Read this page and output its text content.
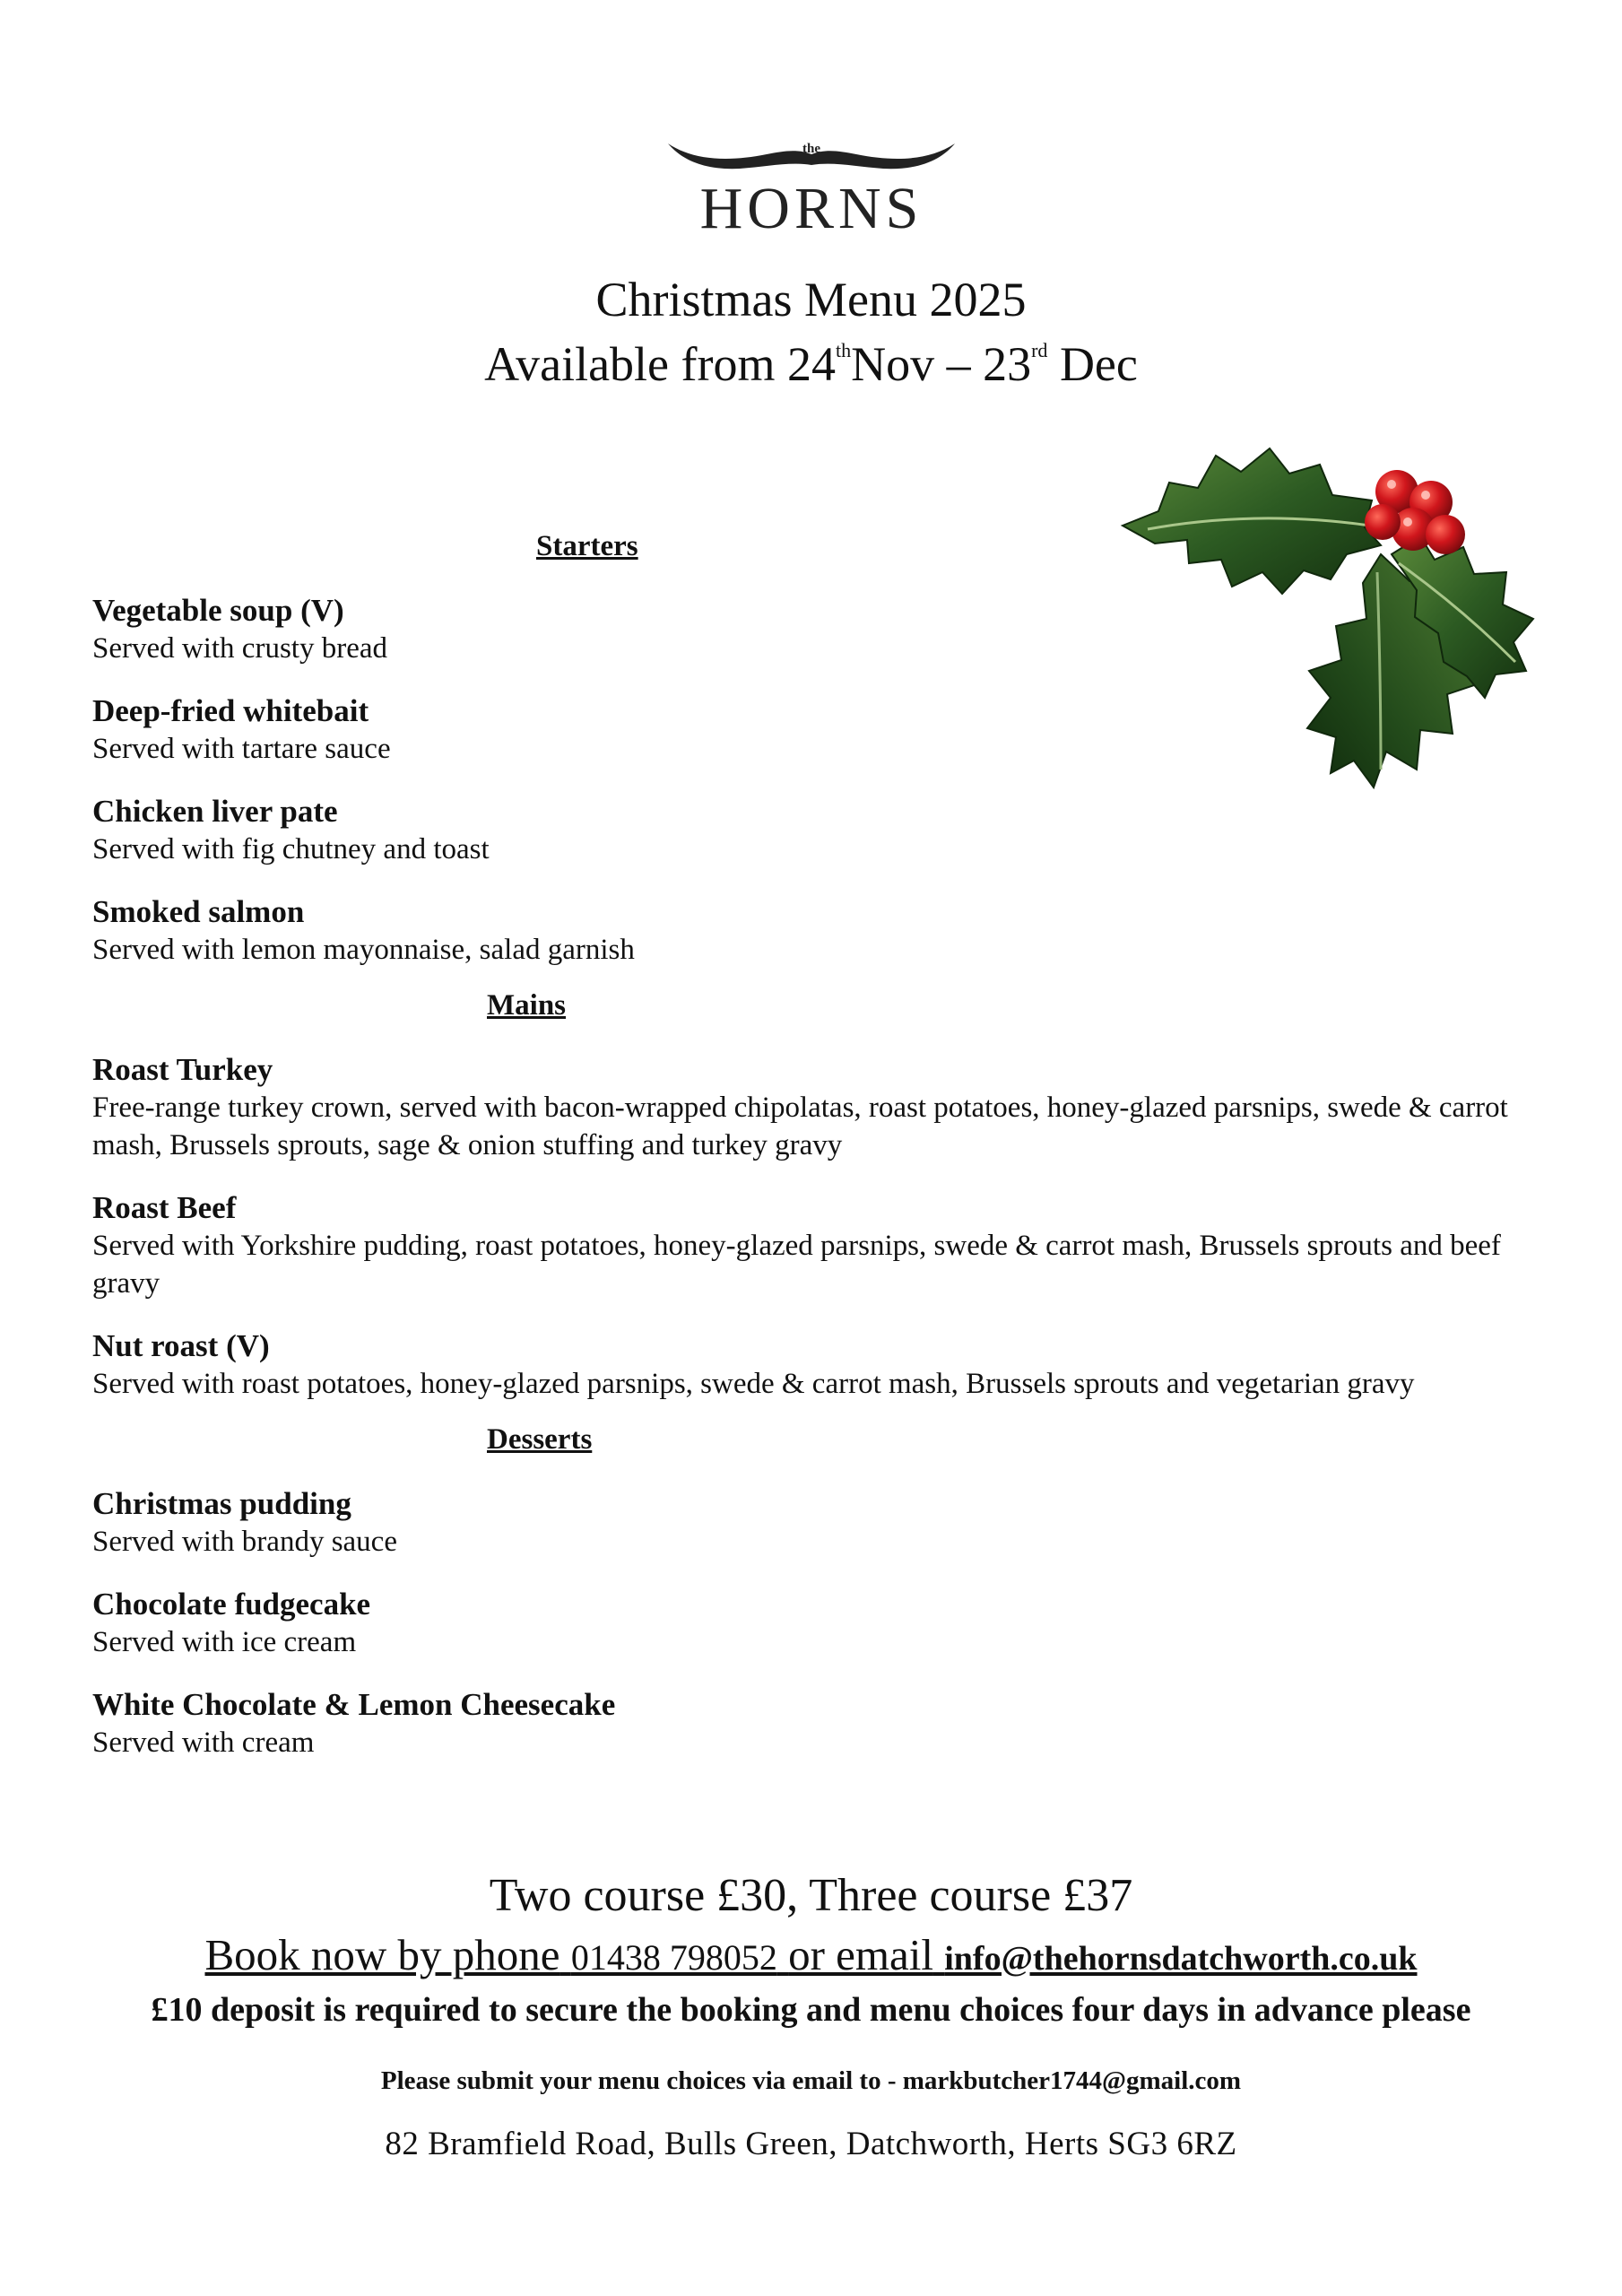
the
HORNS

Christmas Menu 2025

Available from 24thNov – 23rd Dec

Starters

Vegetable soup (V)

Served with crusty bread

Deep-fried whitebait

Served with tartare sauce

Chicken liver pate

Served with fig chutney and toast

Smoked salmon

Served with lemon mayonnaise, salad garnish

Mains

Roast Turkey

Free-range turkey crown, served with bacon-wrapped chipolatas, roast potatoes, honey-glazed parsnips, swede & carrot mash, Brussels sprouts, sage & onion stuffing and turkey gravy

Roast Beef

Served with Yorkshire pudding, roast potatoes, honey-glazed parsnips, swede & carrot mash, Brussels sprouts and beef gravy

Nut roast (V)

Served with roast potatoes, honey-glazed parsnips, swede & carrot mash, Brussels sprouts and vegetarian gravy

Desserts

Christmas pudding

Served with brandy sauce

Chocolate fudgecake

Served with ice cream

White Chocolate & Lemon Cheesecake

Served with cream

Two course £30, Three course £37

Book now by phone 01438 798052 or email info@thehornsdatchworth.co.uk

£10 deposit is required to secure the booking and menu choices four days in advance please

Please submit your menu choices via email to - markbutcher1744@gmail.com
82 Bramfield Road, Bulls Green, Datchworth, Herts SG3 6RZ
